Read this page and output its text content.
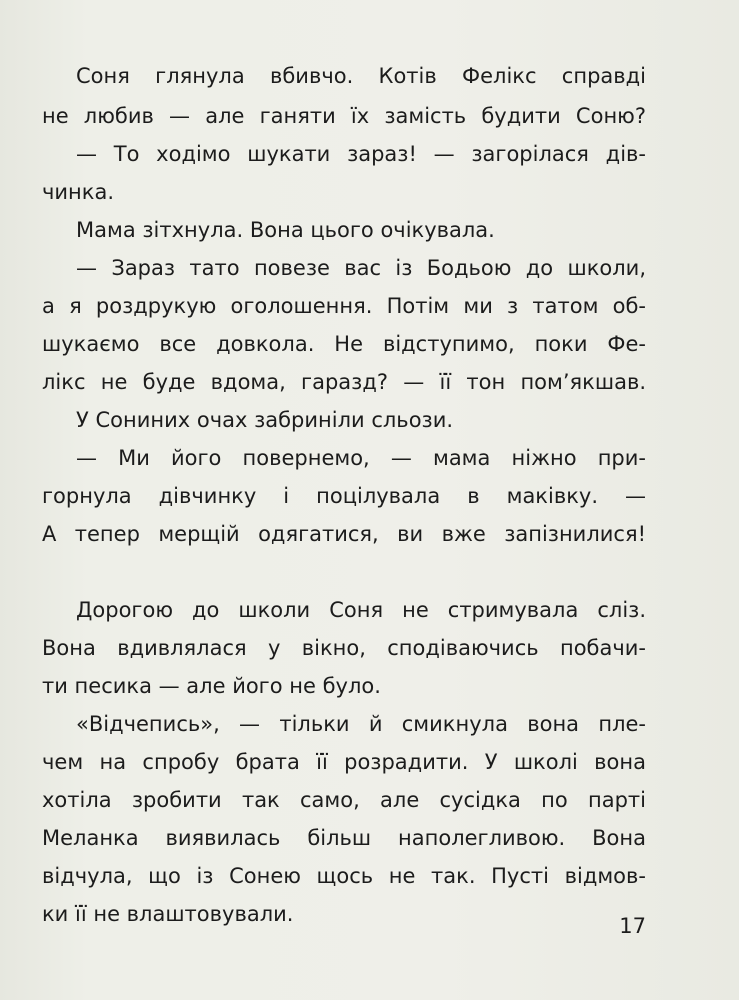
Соня глянула вбивчо. Котів Фелікс справді
не любив — але ганяти їх замість будити Соню?
— То ходімо шукати зараз! — загорілася дів-
чинка.
Мама зітхнула. Вона цього очікувала.
— Зараз тато повезе вас із Бодьою до школи,
а я роздрукую оголошення. Потім ми з татом об-
шукаємо все довкола. Не відступимо, поки Фе-
лікс не буде вдома, гаразд? — її тон пом’якшав.
У Сониних очах забриніли сльози.
— Ми його повернемо, — мама ніжно при-
горнула дівчинку і поцілувала в маківку. —
А тепер мерщій одягатися, ви вже запізнилися!
Дорогою до школи Соня не стримувала сліз.
Вона вдивлялася у вікно, сподіваючись побачи-
ти песика — але його не було.
«Відчепись», — тільки й смикнула вона пле-
чем на спробу брата її розрадити. У школі вона
хотіла зробити так само, але сусідка по парті
Меланка виявилась більш наполегливою. Вона
відчула, що із Сонею щось не так. Пусті відмов-
ки її не влаштовували.	17
